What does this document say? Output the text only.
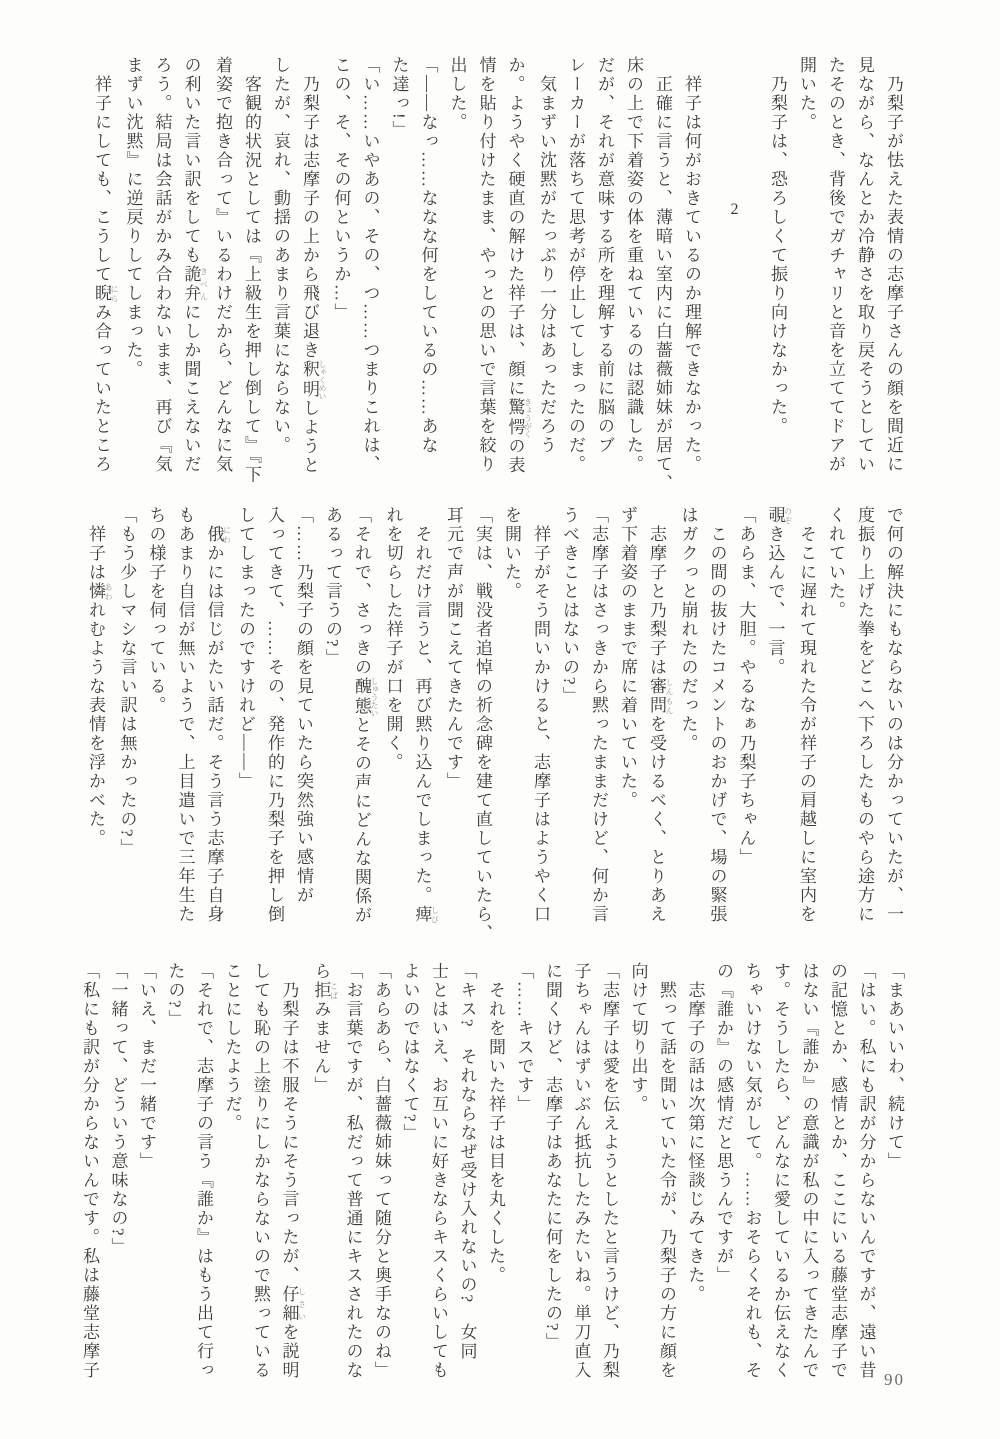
　乃梨子が怯えた表情の志摩子さんの顔を間近に
見ながら、なんとか冷静さを取り戻そうとしてい
たそのとき、背後でガチャリと音を立ててドアが
開いた。
　乃梨子は、恐ろしくて振り向けなかった。
2
　祥子は何がおきているのか理解できなかった。
　正確に言うと、薄暗い室内に白薔薇姉妹が居て、
床の上で下着姿の体を重ねているのは認識した。
だが、それが意味する所を理解する前に脳のブ
レーカーが落ちて思考が停止してしまったのだ。
　気まずい沈黙がたっぷり一分はあっただろう
か。ようやく硬直の解けた祥子は、顔に驚愕 きょうがくの表
情を貼り付けたまま、やっとの思いで言葉を絞り
出した。
「――なっ……ななな何をしているの……あな
た達っ!」
「い……いやあの、その、つ……つまりこれは、
この、そ、その何というか…」
　乃梨子は志摩子の上から飛び退き釈明 しゃくめいしようと
したが、哀れ、動揺のあまり言葉にならない。
　客観的状況としては『上級生を押し倒して』『下
着姿で抱き合って』いるわけだから、どんなに気
の利いた言い訳をしても詭弁 きべんにしか聞こえないだ
ろう。結局は会話がかみ合わないまま、再び『気
まずい沈黙』に逆戻りしてしまった。
　祥子にしても、こうして睨 にらみ合っていたところ
で何の解決にもならないのは分かっていたが、一
度振り上げた拳をどこへ下ろしたものやら途方に
くれていた。
　そこに遅れて現れた令が祥子の肩越しに室内を
覗 のぞき込んで、一言。
「あらま、大胆。やるなぁ乃梨子ちゃん」
　この間の抜けたコメントのおかげで、場の緊張
はガクっと崩れたのだった。
　志摩子と乃梨子は審問 しんもんを受けるべく、とりあえ
ず下着姿のままで席に着いていた。
「志摩子はさっきから黙ったままだけど、何か言
うべきことはないの?」
　祥子がそう問いかけると、志摩子はようやく口
を開いた。
「実は、戦没者追悼の祈念碑を建て直していたら、
耳元で声が聞こえてきたんです」
　それだけ言うと、再び黙り込んでしまった。痺 しび
れを切らした祥子が口を開く。
「それで、さっきの醜態 しゅうたいとその声にどんな関係が
あるって言うの?」
「……乃梨子の顔を見ていたら突然強い感情が
入ってきて、……その、発作的に乃梨子を押し倒
してしまったのですけれど――」
　俄 にわかには信じがたい話だ。そう言う志摩子自身
もあまり自信が無いようで、上目遣いで三年生た
ちの様子を伺っている。
「もう少しマシな言い訳は無かったの?」
　祥子は憐 あわれむような表情を浮かべた。
「まあいいわ、続けて」
「はい。私にも訳が分からないんですが、遠い昔
の記憶とか、感情とか、ここにいる藤堂志摩子で
はない『誰か』の意識が私の中に入ってきたんで
す。そうしたら、どんなに愛しているか伝えなく
ちゃいけない気がして。……おそらくそれも、そ
の『誰か』の感情だと思うんですが」
　志摩子の話は次第に怪談じみてきた。
　黙って話を聞いていた令が、乃梨子の方に顔を
向けて切り出す。
「志摩子は愛を伝えようとしたと言うけど、乃梨
子ちゃんはずいぶん抵抗したみたいね。単刀直入
に聞くけど、志摩子はあなたに何をしたの?」
「……キスです」
　それを聞いた祥子は目を丸くした。
「キス?　それならなぜ受け入れないの?　女同
士とはいえ、お互いに好きならキスくらいしても
よいのではなくて?」
「あらあら、白薔薇姉妹って随分と奥手なのね」
「お言葉ですが、私だって普通にキスされたのな
ら拒 こばみません」
　乃梨子は不服そうにそう言ったが、仔細 しさいを説明
しても恥の上塗りにしかならないので黙っている
ことにしたようだ。
「それで、志摩子の言う『誰か』はもう出て行っ
たの?」
「いえ、まだ一緒です」
「一緒って、どういう意味なの?」
「私にも訳が分からないんです。私は藤堂志摩子	90
